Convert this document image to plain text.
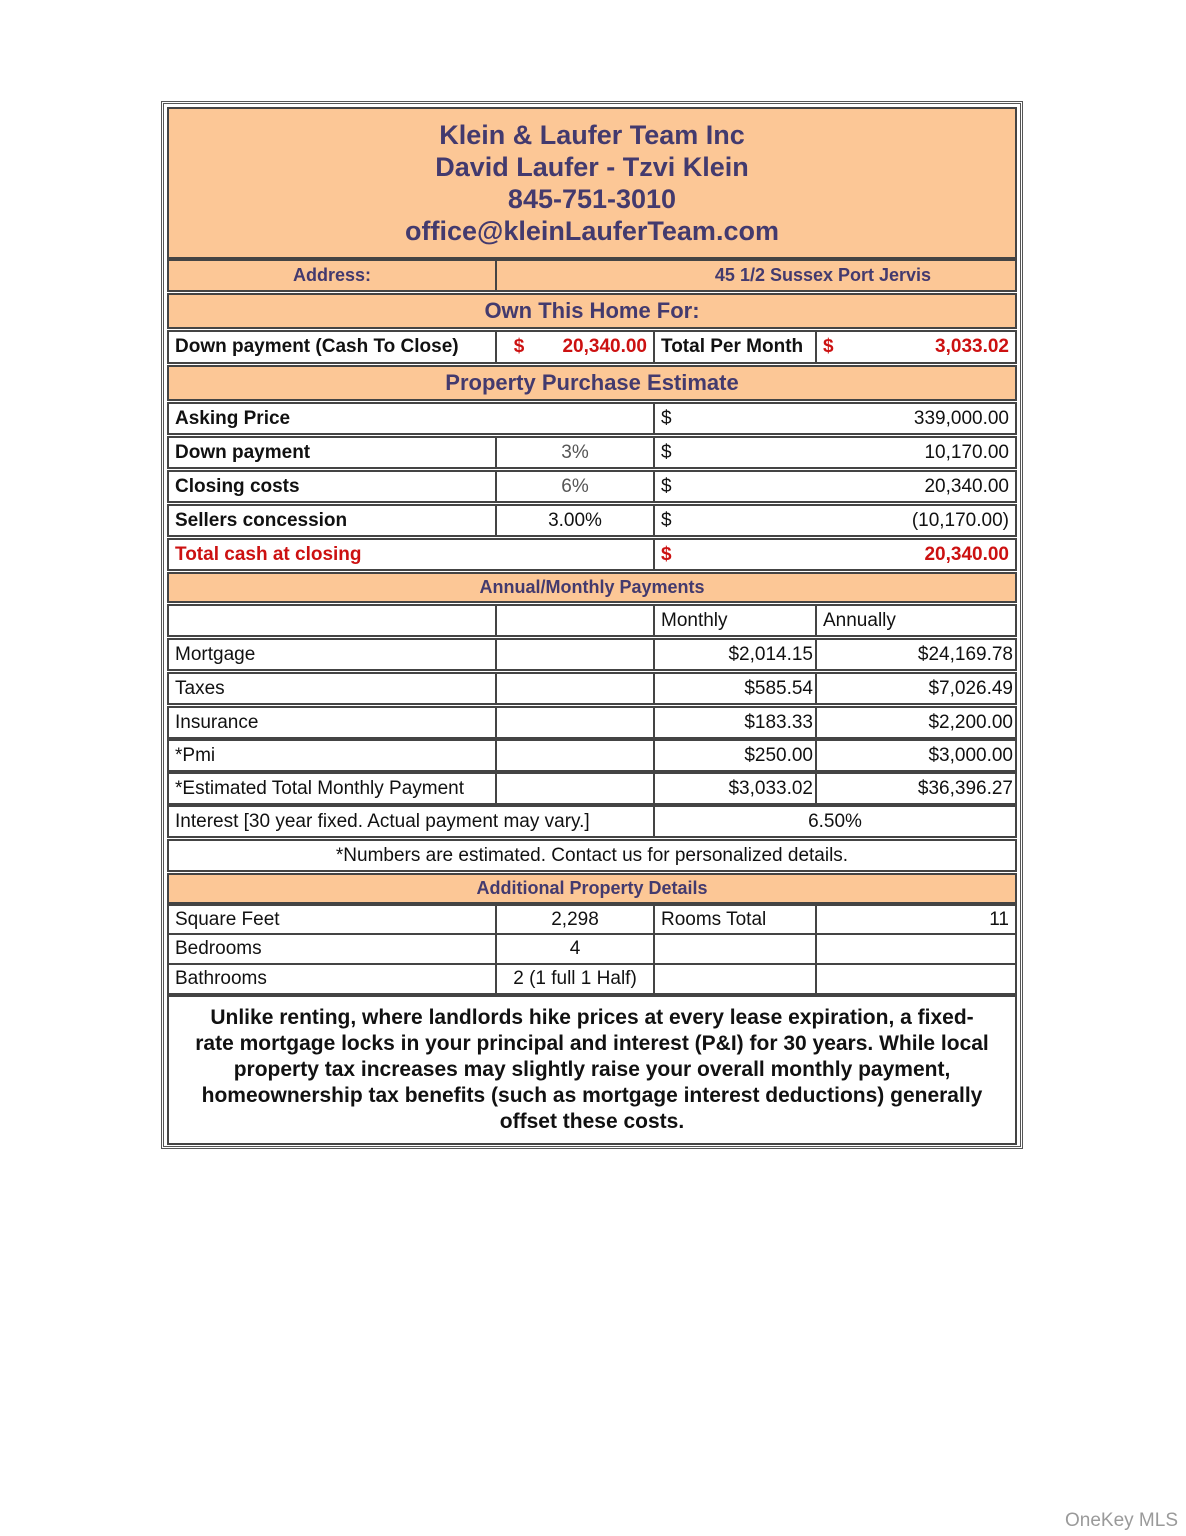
Klein & Laufer Team Inc
David Laufer - Tzvi Klein
845-751-3010
office@kleinLauferTeam.com
Address:	45 1/2 Sussex Port Jervis
Own This Home For:
Down payment (Cash To Close)	$	20,340.00 Total Per Month	$	3,033.02
Property Purchase Estimate
Asking Price	$	339,000.00
Down payment	3%	$	10,170.00
Closing costs	6%	$	20,340.00
Sellers concession	3.00%	$	(10,170.00)
Total cash at closing	$	20,340.00
Annual/Monthly Payments
Monthly	Annually
Mortgage	$2,014.15	$24,169.78
Taxes	$585.54	$7,026.49
Insurance	$183.33	$2,200.00
*Pmi	$250.00	$3,000.00
*Estimated Total Monthly Payment	$3,033.02	$36,396.27
Interest [30 year fixed. Actual payment may vary.]	6.50%
*Numbers are estimated. Contact us for personalized details.
Additional Property Details
Square Feet	2,298	Rooms Total	11
Bedrooms	4
Bathrooms	2 (1 full 1 Half)
Unlike renting, where landlords hike prices at every lease expiration, a fixed-rate mortgage locks in your principal and interest (P&I) for 30 years. While local property tax increases may slightly raise your overall monthly payment, homeownership tax benefits (such as mortgage interest deductions) generally offset these costs.
OneKey MLS
